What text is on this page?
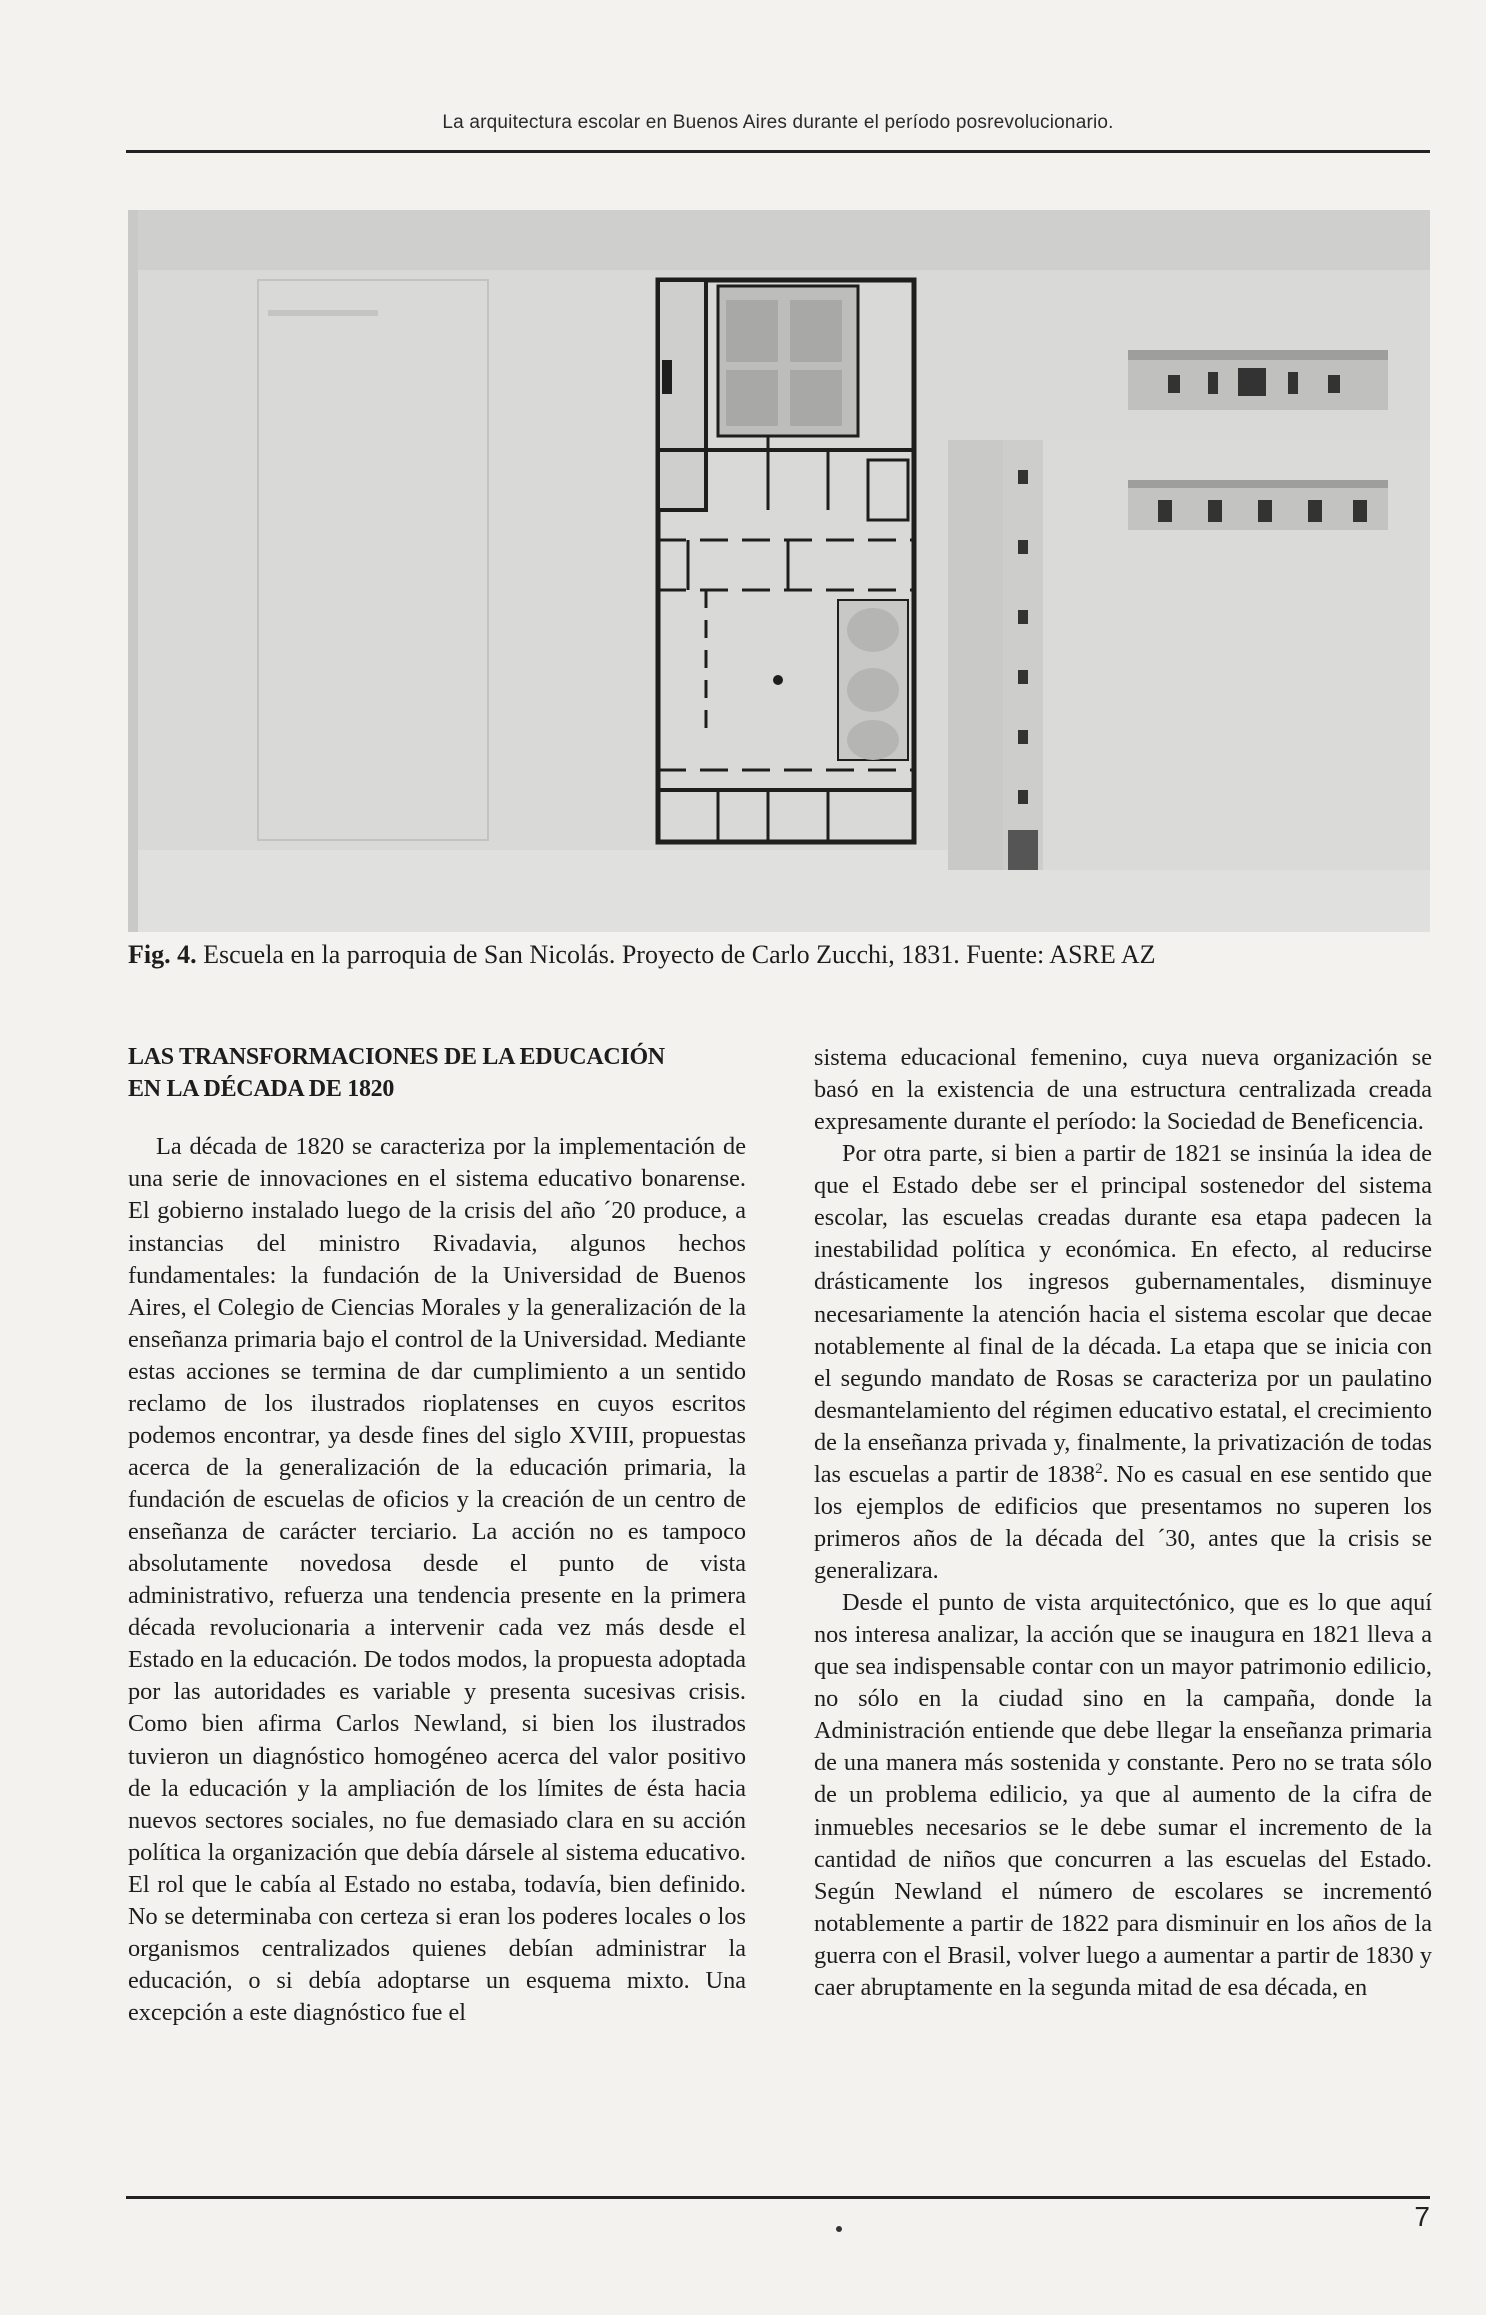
La arquitectura escolar en Buenos Aires durante el período posrevolucionario.
Fig. 4. Escuela en la parroquia de San Nicolás. Proyecto de Carlo Zucchi, 1831. Fuente: ASRE AZ
LAS TRANSFORMACIONES DE LA EDUCACIÓN
EN LA DÉCADA DE 1820

La década de 1820 se caracteriza por la implementación de una serie de innovaciones en el sistema educativo bonarense. El gobierno instalado luego de la crisis del año ´20 produce, a instancias del ministro Rivadavia, algunos hechos fundamentales: la fundación de la Universidad de Buenos Aires, el Colegio de Ciencias Morales y la generalización de la enseñanza primaria bajo el control de la Universidad. Mediante estas acciones se termina de dar cumplimiento a un sentido reclamo de los ilustrados rioplatenses en cuyos escritos podemos encontrar, ya desde fines del siglo XVIII, propuestas acerca de la generalización de la educación primaria, la fundación de escuelas de oficios y la creación de un centro de enseñanza de carácter terciario. La acción no es tampoco absolutamente novedosa desde el punto de vista administrativo, refuerza una tendencia presente en la primera década revolucionaria a intervenir cada vez más desde el Estado en la educación. De todos modos, la propuesta adoptada por las autoridades es variable y presenta sucesivas crisis. Como bien afirma Carlos Newland, si bien los ilustrados tuvieron un diagnóstico homogéneo acerca del valor positivo de la educación y la ampliación de los límites de ésta hacia nuevos sectores sociales, no fue demasiado clara en su acción política la organización que debía dársele al sistema educativo. El rol que le cabía al Estado no estaba, todavía, bien definido. No se determinaba con certeza si eran los poderes locales o los organismos centralizados quienes debían administrar la educación, o si debía adoptarse un esquema mixto. Una excepción a este diagnóstico fue el

sistema educacional femenino, cuya nueva organización se basó en la existencia de una estructura centralizada creada expresamente durante el período: la Sociedad de Beneficencia.

Por otra parte, si bien a partir de 1821 se insinúa la idea de que el Estado debe ser el principal sostenedor del sistema escolar, las escuelas creadas durante esa etapa padecen la inestabilidad política y económica. En efecto, al reducirse drásticamente los ingresos gubernamentales, disminuye necesariamente la atención hacia el sistema escolar que decae notablemente al final de la década. La etapa que se inicia con el segundo mandato de Rosas se caracteriza por un paulatino desmantelamiento del régimen educativo estatal, el crecimiento de la enseñanza privada y, finalmente, la privatización de todas las escuelas a partir de 1838$^2$. No es casual en ese sentido que los ejemplos de edificios que presentamos no superen los primeros años de la década del ´30, antes que la crisis se generalizara.

Desde el punto de vista arquitectónico, que es lo que aquí nos interesa analizar, la acción que se inaugura en 1821 lleva a que sea indispensable contar con un mayor patrimonio edilicio, no sólo en la ciudad sino en la campaña, donde la Administración entiende que debe llegar la enseñanza primaria de una manera más sostenida y constante. Pero no se trata sólo de un problema edilicio, ya que al aumento de la cifra de inmuebles necesarios se le debe sumar el incremento de la cantidad de niños que concurren a las escuelas del Estado. Según Newland el número de escolares se incrementó notablemente a partir de 1822 para disminuir en los años de la guerra con el Brasil, volver luego a aumentar a partir de 1830 y caer abruptamente en la segunda mitad de esa década, en

7
